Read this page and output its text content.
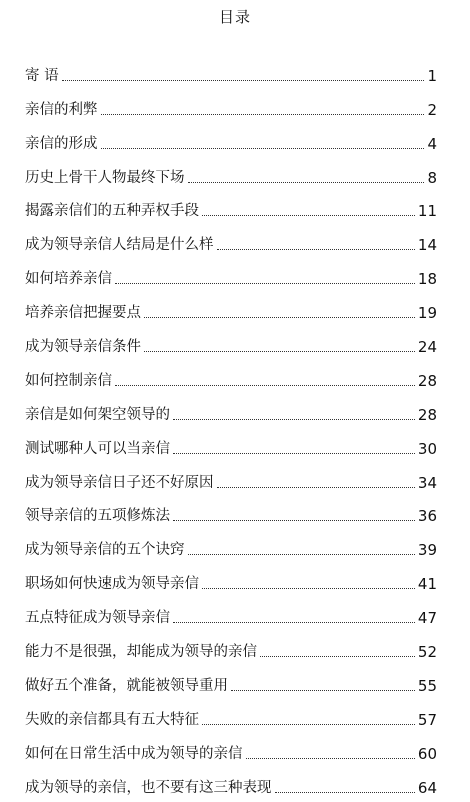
目录
寄 语	1
亲信的利弊	2
亲信的形成	4
历史上骨干人物最终下场	8
揭露亲信们的五种弄权手段	11
成为领导亲信人结局是什么样	14
如何培养亲信	18
培养亲信把握要点	19
成为领导亲信条件	24
如何控制亲信	28
亲信是如何架空领导的	28
测试哪种人可以当亲信	30
成为领导亲信日子还不好原因	34
领导亲信的五项修炼法	36
成为领导亲信的五个诀窍	39
职场如何快速成为领导亲信	41
五点特征成为领导亲信	47
能力不是很强，却能成为领导的亲信	52
做好五个准备，就能被领导重用	55
失败的亲信都具有五大特征	57
如何在日常生活中成为领导的亲信	60
成为领导的亲信，也不要有这三种表现	64
